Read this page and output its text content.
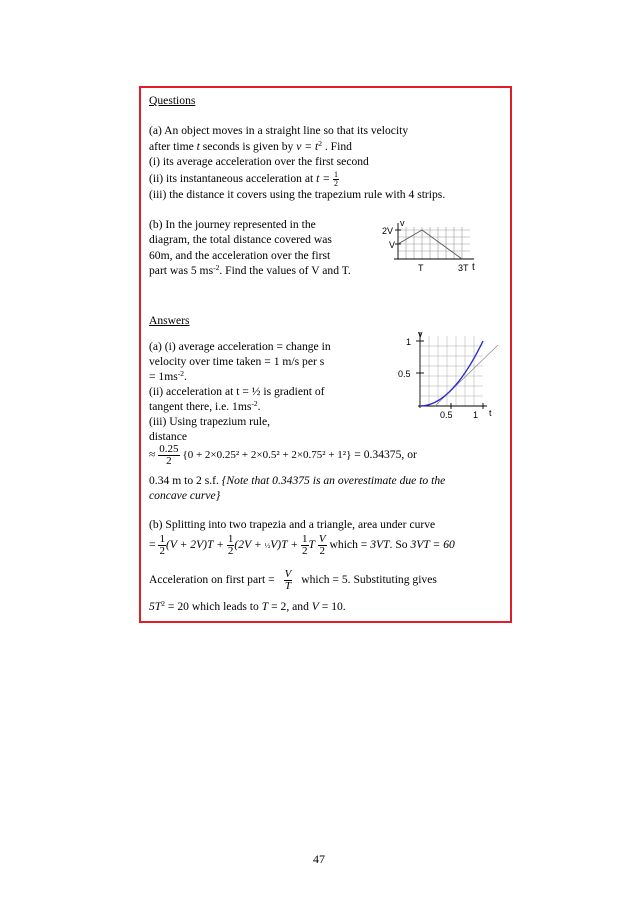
Questions
(a) An object moves in a straight line so that its velocity
after time t seconds is given by $v = t^2$ . Find
(i) its average acceleration over the first second
(ii) its instantaneous acceleration at $t = \frac{1}{2}$
(iii) the distance it covers using the trapezium rule with 4 strips.
(b) In the journey represented in the
diagram, the total distance covered was
60m, and the acceleration over the first
part was 5 $ms^{-2}$. Find the values of V and T.
v
2V
V
T	3T t
Answers
(a) (i) average acceleration = change in
velocity over time taken = 1 m/s per s
= $1ms^{-2}$.
(ii) acceleration at t = ½ is gradient of
tangent there, i.e. $1ms^{-2}$.
(iii) Using trapezium rule,
distance
≈ $\frac{0.25}{2} \{0 + 2\times 0.25^2 + 2\times 0.5^2 + 2\times 0.75^2 + 1^2\} = 0.34375$, or
0.34 m to 2 s.f. {Note that 0.34375 is an overestimate due to the
concave curve}
v
1
0.5
0.5 1 t
(b) Splitting into two trapezia and a triangle, area under curve
= $\frac{1}{2} (V + 2V)T + \frac{1}{2} (2V$ + ½V)T + $\frac{1}{2}$ T $\frac{V}{2}$ which = 3VT. So 3VT = 60
Acceleration on first part = $\frac{V}{T}$ which = 5. Substituting gives
$5T^2 = 20$ which leads to T = 2, and V = 10.
47
